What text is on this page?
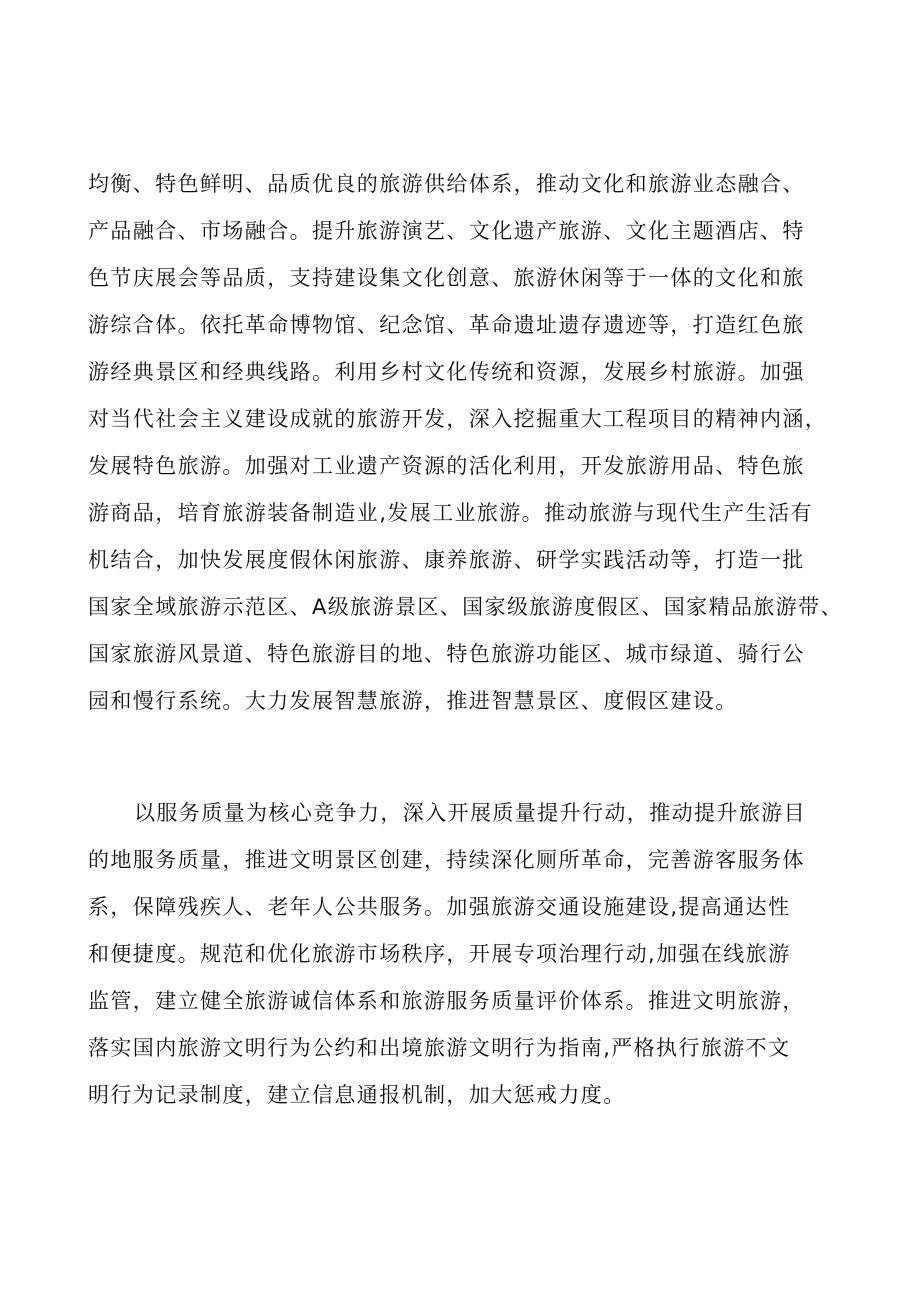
均衡、特色鲜明、品质优良的旅游供给体系，推动文化和旅游业态融合、
产品融合、市场融合。提升旅游演艺、文化遗产旅游、文化主题酒店、特
色节庆展会等品质，支持建设集文化创意、旅游休闲等于一体的文化和旅
游综合体。依托革命博物馆、纪念馆、革命遗址遗存遗迹等，打造红色旅
游经典景区和经典线路。利用乡村文化传统和资源，发展乡村旅游。加强
对当代社会主义建设成就的旅游开发，深入挖掘重大工程项目的精神内涵，
发展特色旅游。加强对工业遗产资源的活化利用，开发旅游用品、特色旅
游商品，培育旅游装备制造业,发展工业旅游。推动旅游与现代生产生活有
机结合，加快发展度假休闲旅游、康养旅游、研学实践活动等，打造一批
国家全域旅游示范区、A级旅游景区、国家级旅游度假区、国家精品旅游带、
国家旅游风景道、特色旅游目的地、特色旅游功能区、城市绿道、骑行公
园和慢行系统。大力发展智慧旅游，推进智慧景区、度假区建设。
以服务质量为核心竞争力，深入开展质量提升行动，推动提升旅游目
的地服务质量，推进文明景区创建，持续深化厕所革命，完善游客服务体
系，保障残疾人、老年人公共服务。加强旅游交通设施建设,提高通达性
和便捷度。规范和优化旅游市场秩序，开展专项治理行动,加强在线旅游
监管，建立健全旅游诚信体系和旅游服务质量评价体系。推进文明旅游，
落实国内旅游文明行为公约和出境旅游文明行为指南,严格执行旅游不文
明行为记录制度，建立信息通报机制，加大惩戒力度。
